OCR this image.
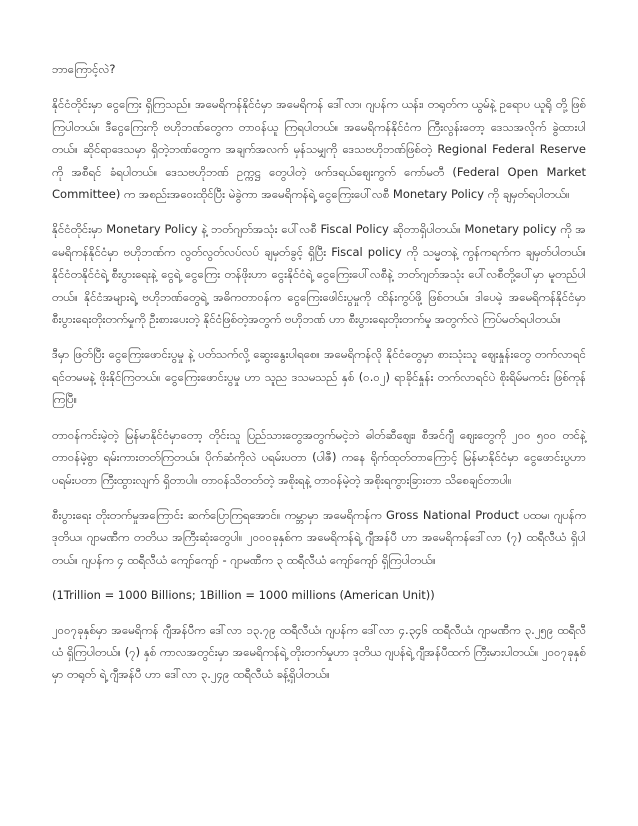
ဘာကြောင့်လဲ?

နိုင်ငံတိုင်းမှာ ငွေကြေး ရှိကြသည်။ အမေရိကန်နိုင်ငံမှာ အမေရိကန် ဒေါ်လာ၊ ဂျပန်က ယန်း၊ တရုတ်က ယွမ်နဲ့ ဥရောပ ယူရို တို့ ဖြစ်ကြပါတယ်။ ဒီငွေကြေးကို ဗဟိုဘဏ်တွေက တာဝန်ယူ ကြရပါတယ်။ အမေရိကန်နိုင်ငံက ကြီးလွန်းတော့ ဒေသအလိုက် ခွဲထားပါတယ်။ ဆိုင်ရာဒေသမှာ ရှိတဲ့ဘဏ်တွေက အချက်အလက် မှန်သမျှကို ဒေသဗဟိုဘဏ်ဖြစ်တဲ့ Regional Federal Reserve ကို အစီရင် ခံရပါတယ်။ ဒေသဗဟိုဘဏ် ဥက္ကဋ္ဌ တွေပါတဲ့ ဖက်ဒရယ်ဈေးကွက် ကော်မတီ (Federal Open Market Committee) က အစည်းအဝေးထိုင်ပြီး မဲခွဲကာ အမေရိကန်ရဲ့ ငွေကြေးပေါ်လစီ Monetary Policy ကို ချမှတ်ရပါတယ်။

နိုင်ငံတိုင်းမှာ Monetary Policy နဲ့ ဘတ်ဂျတ်အသုံး ပေါ်လစီ Fiscal Policy ဆိုတာရှိပါတယ်။ Monetary policy ကို အမေရိကန်နိုင်ငံမှာ ဗဟိုဘဏ်က လွတ်လွတ်လပ်လပ် ချမှတ်ခွင့် ရှိပြီး Fiscal policy ကို သမ္မတနဲ့ ကွန်ကရက်က ချမှတ်ပါတယ်။ နိုင်ငံတနိုင်ငံရဲ့ စီးပွားရေးနဲ့ ငွေရဲ့ ငွေကြေး တန်ဖိုးဟာ ငွေးနိုင်ငံရဲ့ ငွေကြေးပေါ်လစီနဲ့ ဘတ်ဂျတ်အသုံး ပေါ်လစီတို့ပေါ်မှာ မူတည်ပါတယ်။ နိုင်ငံအများရဲ့ ဗဟိုဘဏ်တွေရဲ့ အဓိကတာဝန်က ငွေကြေးဖေါင်းပွမှုကို ထိန်းကွပ်ဖို့ ဖြစ်တယ်။ ဒါပေမဲ့ အမေရိကန်နိုင်ငံမှာ စီးပွားရေးတိုးတက်မှုကို ဦးစားပေးတဲ့ နိုင်ငံဖြစ်တဲ့အတွက် ဗဟိုဘဏ် ဟာ စီးပွားရေးတိုးတက်မှု အတွက်လဲ ကြပ်မတ်ရပါတယ်။

ဒီမှာ ဖြတ်ပြီး ငွေကြေးဖောင်းပွမှု နဲ့ ပတ်သက်လို့ ဆွေးနွေးပါရစေ။ အမေရိကန်လို နိုင်ငံတွေမှာ စားသုံးသူ ဈေးနှုန်းတွေ တက်လာရင် ရင်တမမနဲ့ ဖိုးနိုင်ကြတယ်။ ငွေကြေးဖောင်းပွမှု ဟာ သူည ဒသမသည် နှစ် (၀.၀၂) ရာခိုင်နှုန်း တက်လာရင်ပဲ စိုးရိမ်မကင်း ဖြစ်ကုန်ကြပြီ။

တာဝန်ကင်းမဲ့တဲ့ မြန်မာနိုင်ငံမှာတော့ တိုင်းသူ ပြည်သားတွေအတွက်မငဲ့ဘဲ ဓါတ်ဆီဈေး၊ စီအင်ဂျီ ဈေးတွေကို ၂၀၀ ၅၀၀ တင်နဲ့ တာဝန်မဲ့စွာ ရမ်းကားတတ်ကြတယ်။ ပိုက်ဆံကိုလဲ ပရမ်းပတာ (ပါဇီ) ကနေ ရိုက်ထုတ်တာကြောင့် မြန်မာနိုင်ငံမှာ ငွေဖောင်းပွဟာ ပရမ်းပတာ ကြီးထွားလျက် ရှိတာပါ။ တာဝန်သိတတ်တဲ့ အစိုးရနဲ့ တာဝန်မဲ့တဲ့ အစိုးရကွားခြားတာ သိစေချင်တာပါ။

စီးပွားရေး တိုးတက်မှုအကြောင်း ဆက်ပြောကြရအောင်။ ကမ္ဘာမှာ အမေရိကန်က Gross National Product ပထမ၊ ဂျပန်က ဒုတိယ၊ ဂျာမဏီက တတိယ အကြီးဆုံးတွေပါ။ ၂၀၀၀ခုနှစ်က အမေရိကန်ရဲ့ ဂျီအန်ပီ ဟာ အမေရိကန်ဒေါ်လာ (၇) ထရီလီယံ ရှိပါတယ်။ ဂျပန်က ၄ ထရီလီယံ ကျော်ကျော် - ဂျာမဏီက ၃ ထရီလီယံ ကျော်ကျော် ရှိကြပါတယ်။

(1Trillion = 1000 Billions; 1Billion = 1000 millions (American Unit))

၂၀၀၇ခုနှစ်မှာ အမေရိကန် ဂျီအန်ပီက ဒေါ်လာ ၁၃.၇၉ ထရီလီယံ၊ ဂျပန်က ဒေါ်လာ ၄.၃၄၆ ထရီလီယံ၊ ဂျာမဏီက ၃.၂၅၉ ထရီလီယံ ရှိကြပါတယ်။ (၇) နှစ် ကာလအတွင်းမှာ အမေရိကန်ရဲ့ တိုးတက်မှုဟာ ဒုတိယ ဂျပန်ရဲ့ ဂျီအန်ပီထက် ကြီးမားပါတယ်။ ၂၀၀၇ခုနှစ်မှာ တရုတ် ရဲ့ ဂျီအန်ပီ ဟာ ဒေါ်လာ ၃.၂၄၉ ထရီလီယံ ခန့်ရှိပါတယ်။
